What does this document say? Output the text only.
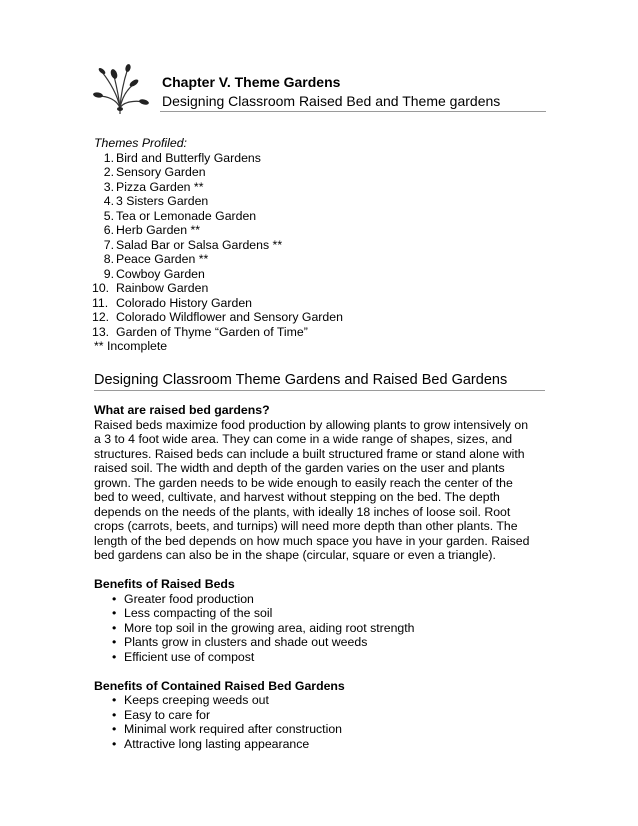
Chapter V. Theme Gardens
Designing Classroom Raised Bed and Theme gardens
Themes Profiled:
1. Bird and Butterfly Gardens
2. Sensory Garden
3. Pizza Garden **
4. 3 Sisters Garden
5. Tea or Lemonade Garden
6. Herb Garden **
7. Salad Bar or Salsa Gardens **
8. Peace Garden **
9. Cowboy Garden
10. Rainbow Garden
11. Colorado History Garden
12. Colorado Wildflower and Sensory Garden
13. Garden of Thyme “Garden of Time”
** Incomplete
Designing Classroom Theme Gardens and Raised Bed Gardens
What are raised bed gardens?

Raised beds maximize food production by allowing plants to grow intensively on

a 3 to 4 foot wide area. They can come in a wide range of shapes, sizes, and

structures. Raised beds can include a built structured frame or stand alone with

raised soil. The width and depth of the garden varies on the user and plants

grown. The garden needs to be wide enough to easily reach the center of the

bed to weed, cultivate, and harvest without stepping on the bed. The depth

depends on the needs of the plants, with ideally 18 inches of loose soil. Root

crops (carrots, beets, and turnips) will need more depth than other plants. The

length of the bed depends on how much space you have in your garden. Raised

bed gardens can also be in the shape (circular, square or even a triangle).

Benefits of Raised Beds
• Greater food production
• Less compacting of the soil
• More top soil in the growing area, aiding root strength
• Plants grow in clusters and shade out weeds
• Efficient use of compost
Benefits of Contained Raised Bed Gardens
• Keeps creeping weeds out
• Easy to care for
• Minimal work required after construction
• Attractive long lasting appearance
